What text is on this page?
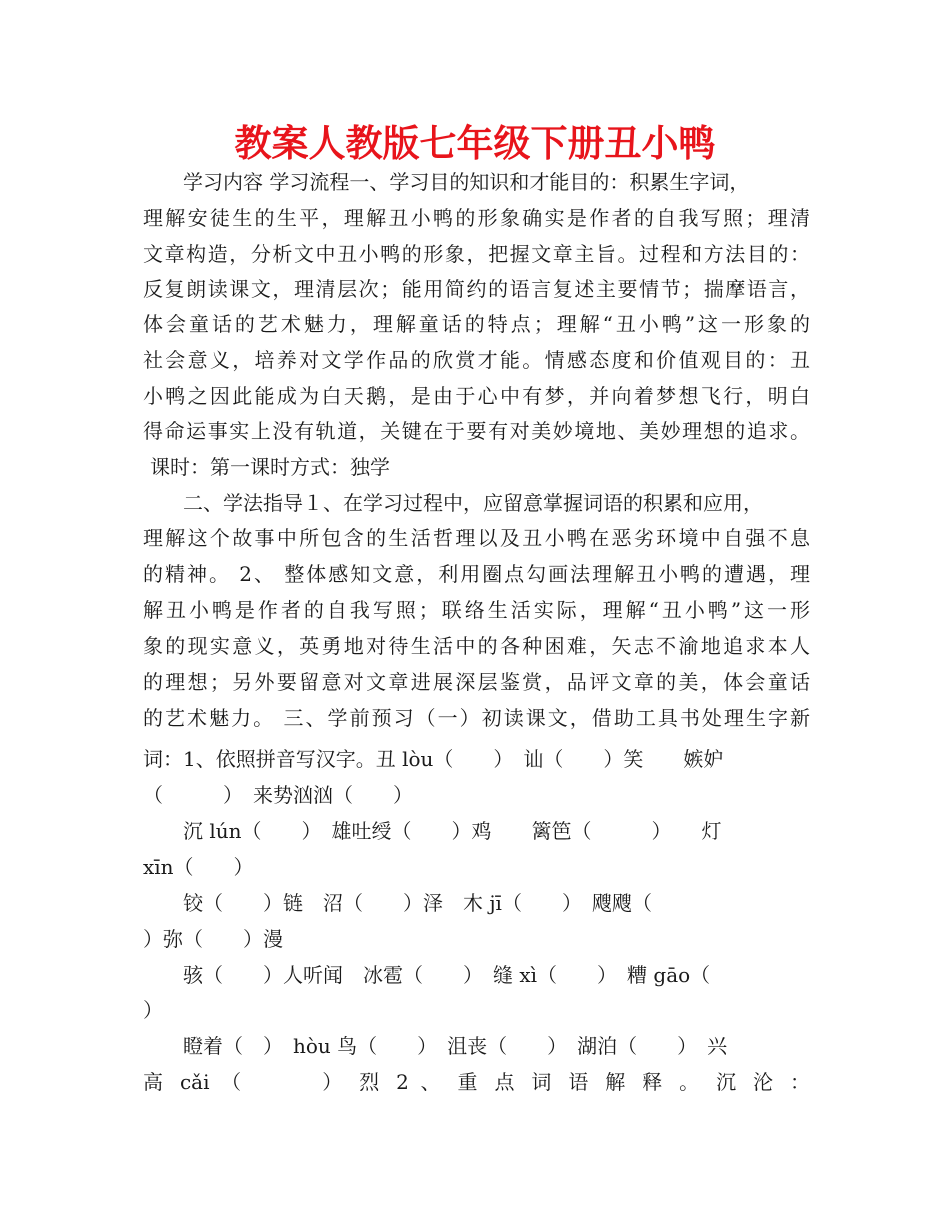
教案人教版七年级下册丑小鸭

学习内容 学习流程一、学习目的知识和才能目的：积累生字词，

理解安徒生的生平，理解丑小鸭的形象确实是作者的自我写照；理清

文章构造，分析文中丑小鸭的形象，把握文章主旨。过程和方法目的：

反复朗读课文，理清层次；能用简约的语言复述主要情节；揣摩语言，

体会童话的艺术魅力，理解童话的特点；理解“丑小鸭”这一形象的

社会意义，培养对文学作品的欣赏才能。情感态度和价值观目的：丑

小鸭之因此能成为白天鹅，是由于心中有梦，并向着梦想飞行，明白

得命运事实上没有轨道，关键在于要有对美妙境地、美妙理想的追求。

课时：第一课时方式：独学

二、学法指导１、在学习过程中，应留意掌握词语的积累和应用，

理解这个故事中所包含的生活哲理以及丑小鸭在恶劣环境中自强不息

的精神。 2、 整体感知文意，利用圈点勾画法理解丑小鸭的遭遇，理

解丑小鸭是作者的自我写照；联络生活实际，理解“丑小鸭”这一形

象的现实意义，英勇地对待生活中的各种困难，矢志不渝地追求本人

的理想；另外要留意对文章进展深层鉴赏，品评文章的美，体会童话

的艺术魅力。 三、学前预习（一）初读课文，借助工具书处理生字新

词：1、依照拼音写汉字。丑 lòu（　　）　讪（　　）笑　　嫉妒

（　　　）　来势汹汹（　　）

沉 lún（　　）　雄吐绶（　　）鸡　　篱笆（　　　）　　灯

xīn（　　）

铰（　　）链　沼（　　）泽　木 jī（　　）　飕飕（

）弥（　　）漫

骇（　　）人听闻　冰雹（　　）　缝 xì（　　）　糟 gāo（

）

瞪着（　）　hòu 鸟（　　）　沮丧（　　）　湖泊（　　）　兴

高 cǎi （　　　） 烈 2 、 重 点 词 语 解 释 。 沉 沦 ：
